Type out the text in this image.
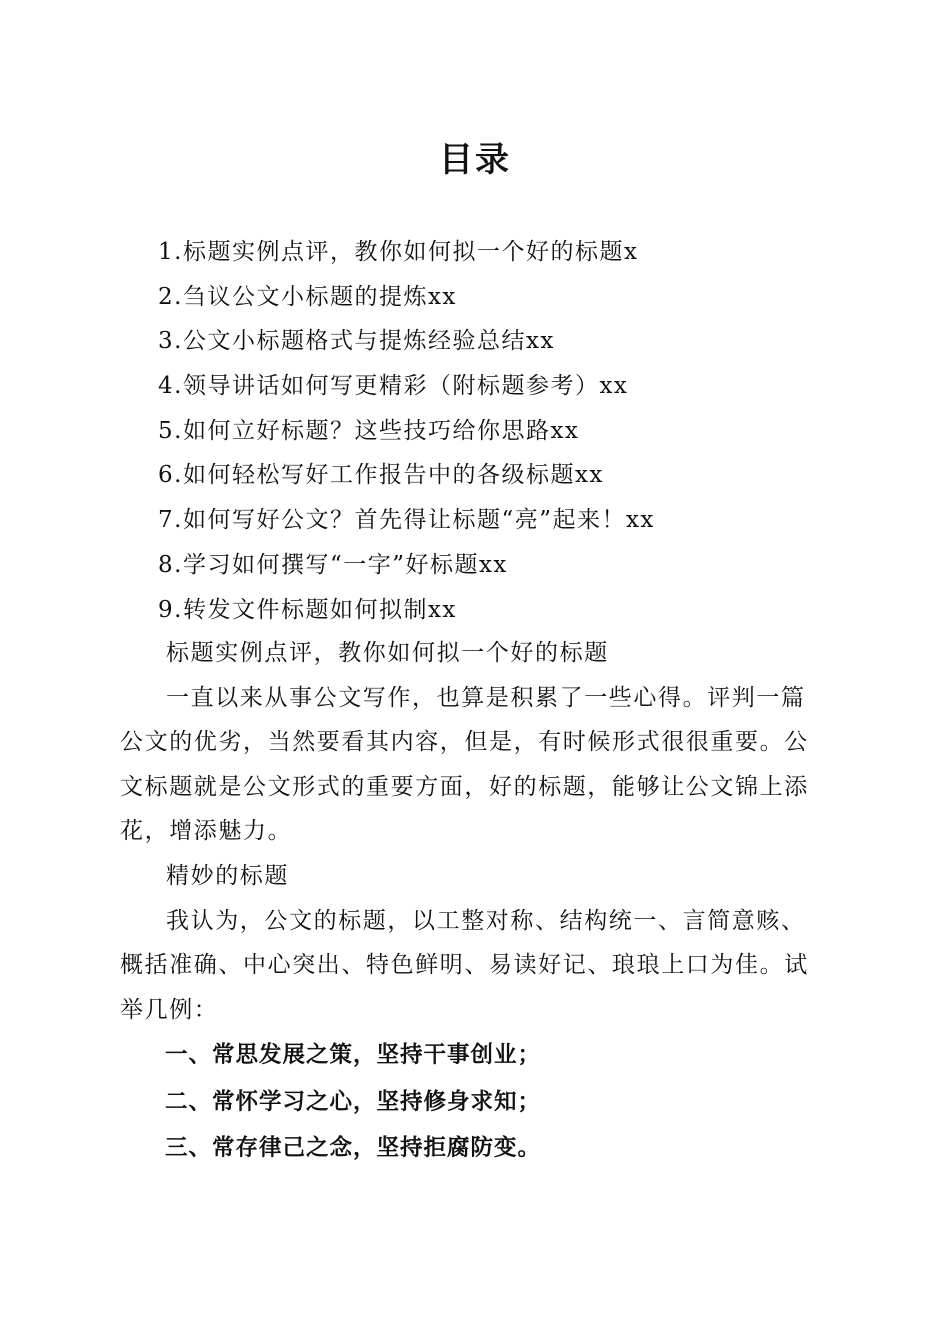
目录
1.标题实例点评，教你如何拟一个好的标题x
2.刍议公文小标题的提炼xx
3.公文小标题格式与提炼经验总结xx
4.领导讲话如何写更精彩（附标题参考）xx
5.如何立好标题？这些技巧给你思路xx
6.如何轻松写好工作报告中的各级标题xx
7.如何写好公文？首先得让标题“亮”起来！xx
8.学习如何撰写“一字”好标题xx
9.转发文件标题如何拟制xx

标题实例点评，教你如何拟一个好的标题

一直以来从事公文写作，也算是积累了一些心得。评判一篇公文的优劣，当然要看其内容，但是，有时候形式很很重要。公文标题就是公文形式的重要方面，好的标题，能够让公文锦上添花，增添魅力。

精妙的标题

我认为，公文的标题，以工整对称、结构统一、言简意赅、概括准确、中心突出、特色鲜明、易读好记、琅琅上口为佳。试举几例：

一、常思发展之策，坚持干事创业；

二、常怀学习之心，坚持修身求知；

三、常存律己之念，坚持拒腐防变。
